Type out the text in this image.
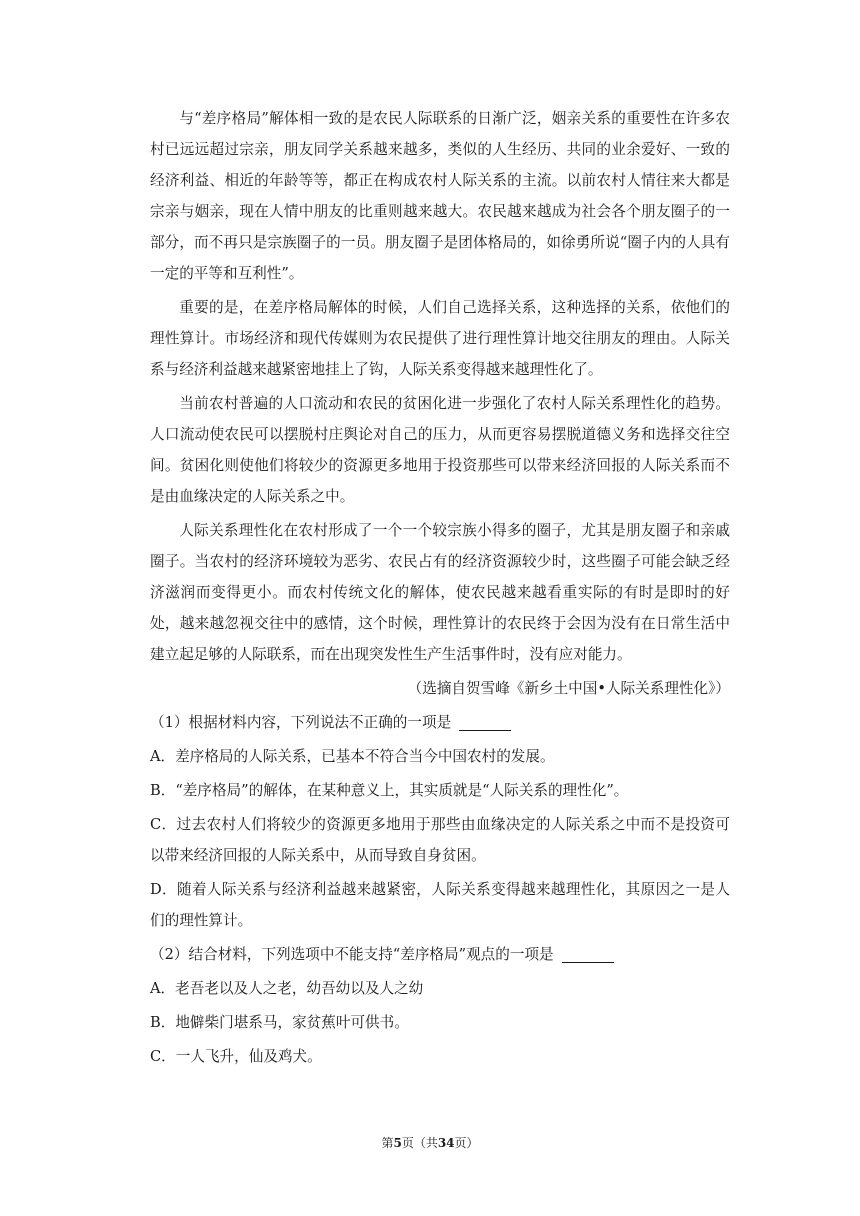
与“差序格局”解体相一致的是农民人际联系的日渐广泛，姻亲关系的重要性在许多农村已远远超过宗亲，朋友同学关系越来越多，类似的人生经历、共同的业余爱好、一致的经济利益、相近的年龄等等，都正在构成农村人际关系的主流。以前农村人情往来大都是宗亲与姻亲，现在人情中朋友的比重则越来越大。农民越来越成为社会各个朋友圈子的一部分，而不再只是宗族圈子的一员。朋友圈子是团体格局的，如徐勇所说“圈子内的人具有一定的平等和互利性”。

重要的是，在差序格局解体的时候，人们自己选择关系，这种选择的关系，依他们的理性算计。市场经济和现代传媒则为农民提供了进行理性算计地交往朋友的理由。人际关系与经济利益越来越紧密地挂上了钩，人际关系变得越来越理性化了。

当前农村普遍的人口流动和农民的贫困化进一步强化了农村人际关系理性化的趋势。人口流动使农民可以摆脱村庄舆论对自己的压力，从而更容易摆脱道德义务和选择交往空间。贫困化则使他们将较少的资源更多地用于投资那些可以带来经济回报的人际关系而不是由血缘决定的人际关系之中。

人际关系理性化在农村形成了一个一个较宗族小得多的圈子，尤其是朋友圈子和亲戚圈子。当农村的经济环境较为恶劣、农民占有的经济资源较少时，这些圈子可能会缺乏经济滋润而变得更小。而农村传统文化的解体，使农民越来越看重实际的有时是即时的好处，越来越忽视交往中的感情，这个时候，理性算计的农民终于会因为没有在日常生活中建立起足够的人际联系，而在出现突发性生产生活事件时，没有应对能力。

（选摘自贺雪峰《新乡土中国•人际关系理性化》）

（1）根据材料内容，下列说法不正确的一项是

A．差序格局的人际关系，已基本不符合当今中国农村的发展。

B．“差序格局”的解体，在某种意义上，其实质就是“人际关系的理性化”。

C．过去农村人们将较少的资源更多地用于那些由血缘决定的人际关系之中而不是投资可以带来经济回报的人际关系中，从而导致自身贫困。

D．随着人际关系与经济利益越来越紧密，人际关系变得越来越理性化，其原因之一是人们的理性算计。

（2）结合材料，下列选项中不能支持“差序格局”观点的一项是

A．老吾老以及人之老，幼吾幼以及人之幼

B．地僻柴门堪系马，家贫蕉叶可供书。

C．一人飞升，仙及鸡犬。

第5页（共34页）
